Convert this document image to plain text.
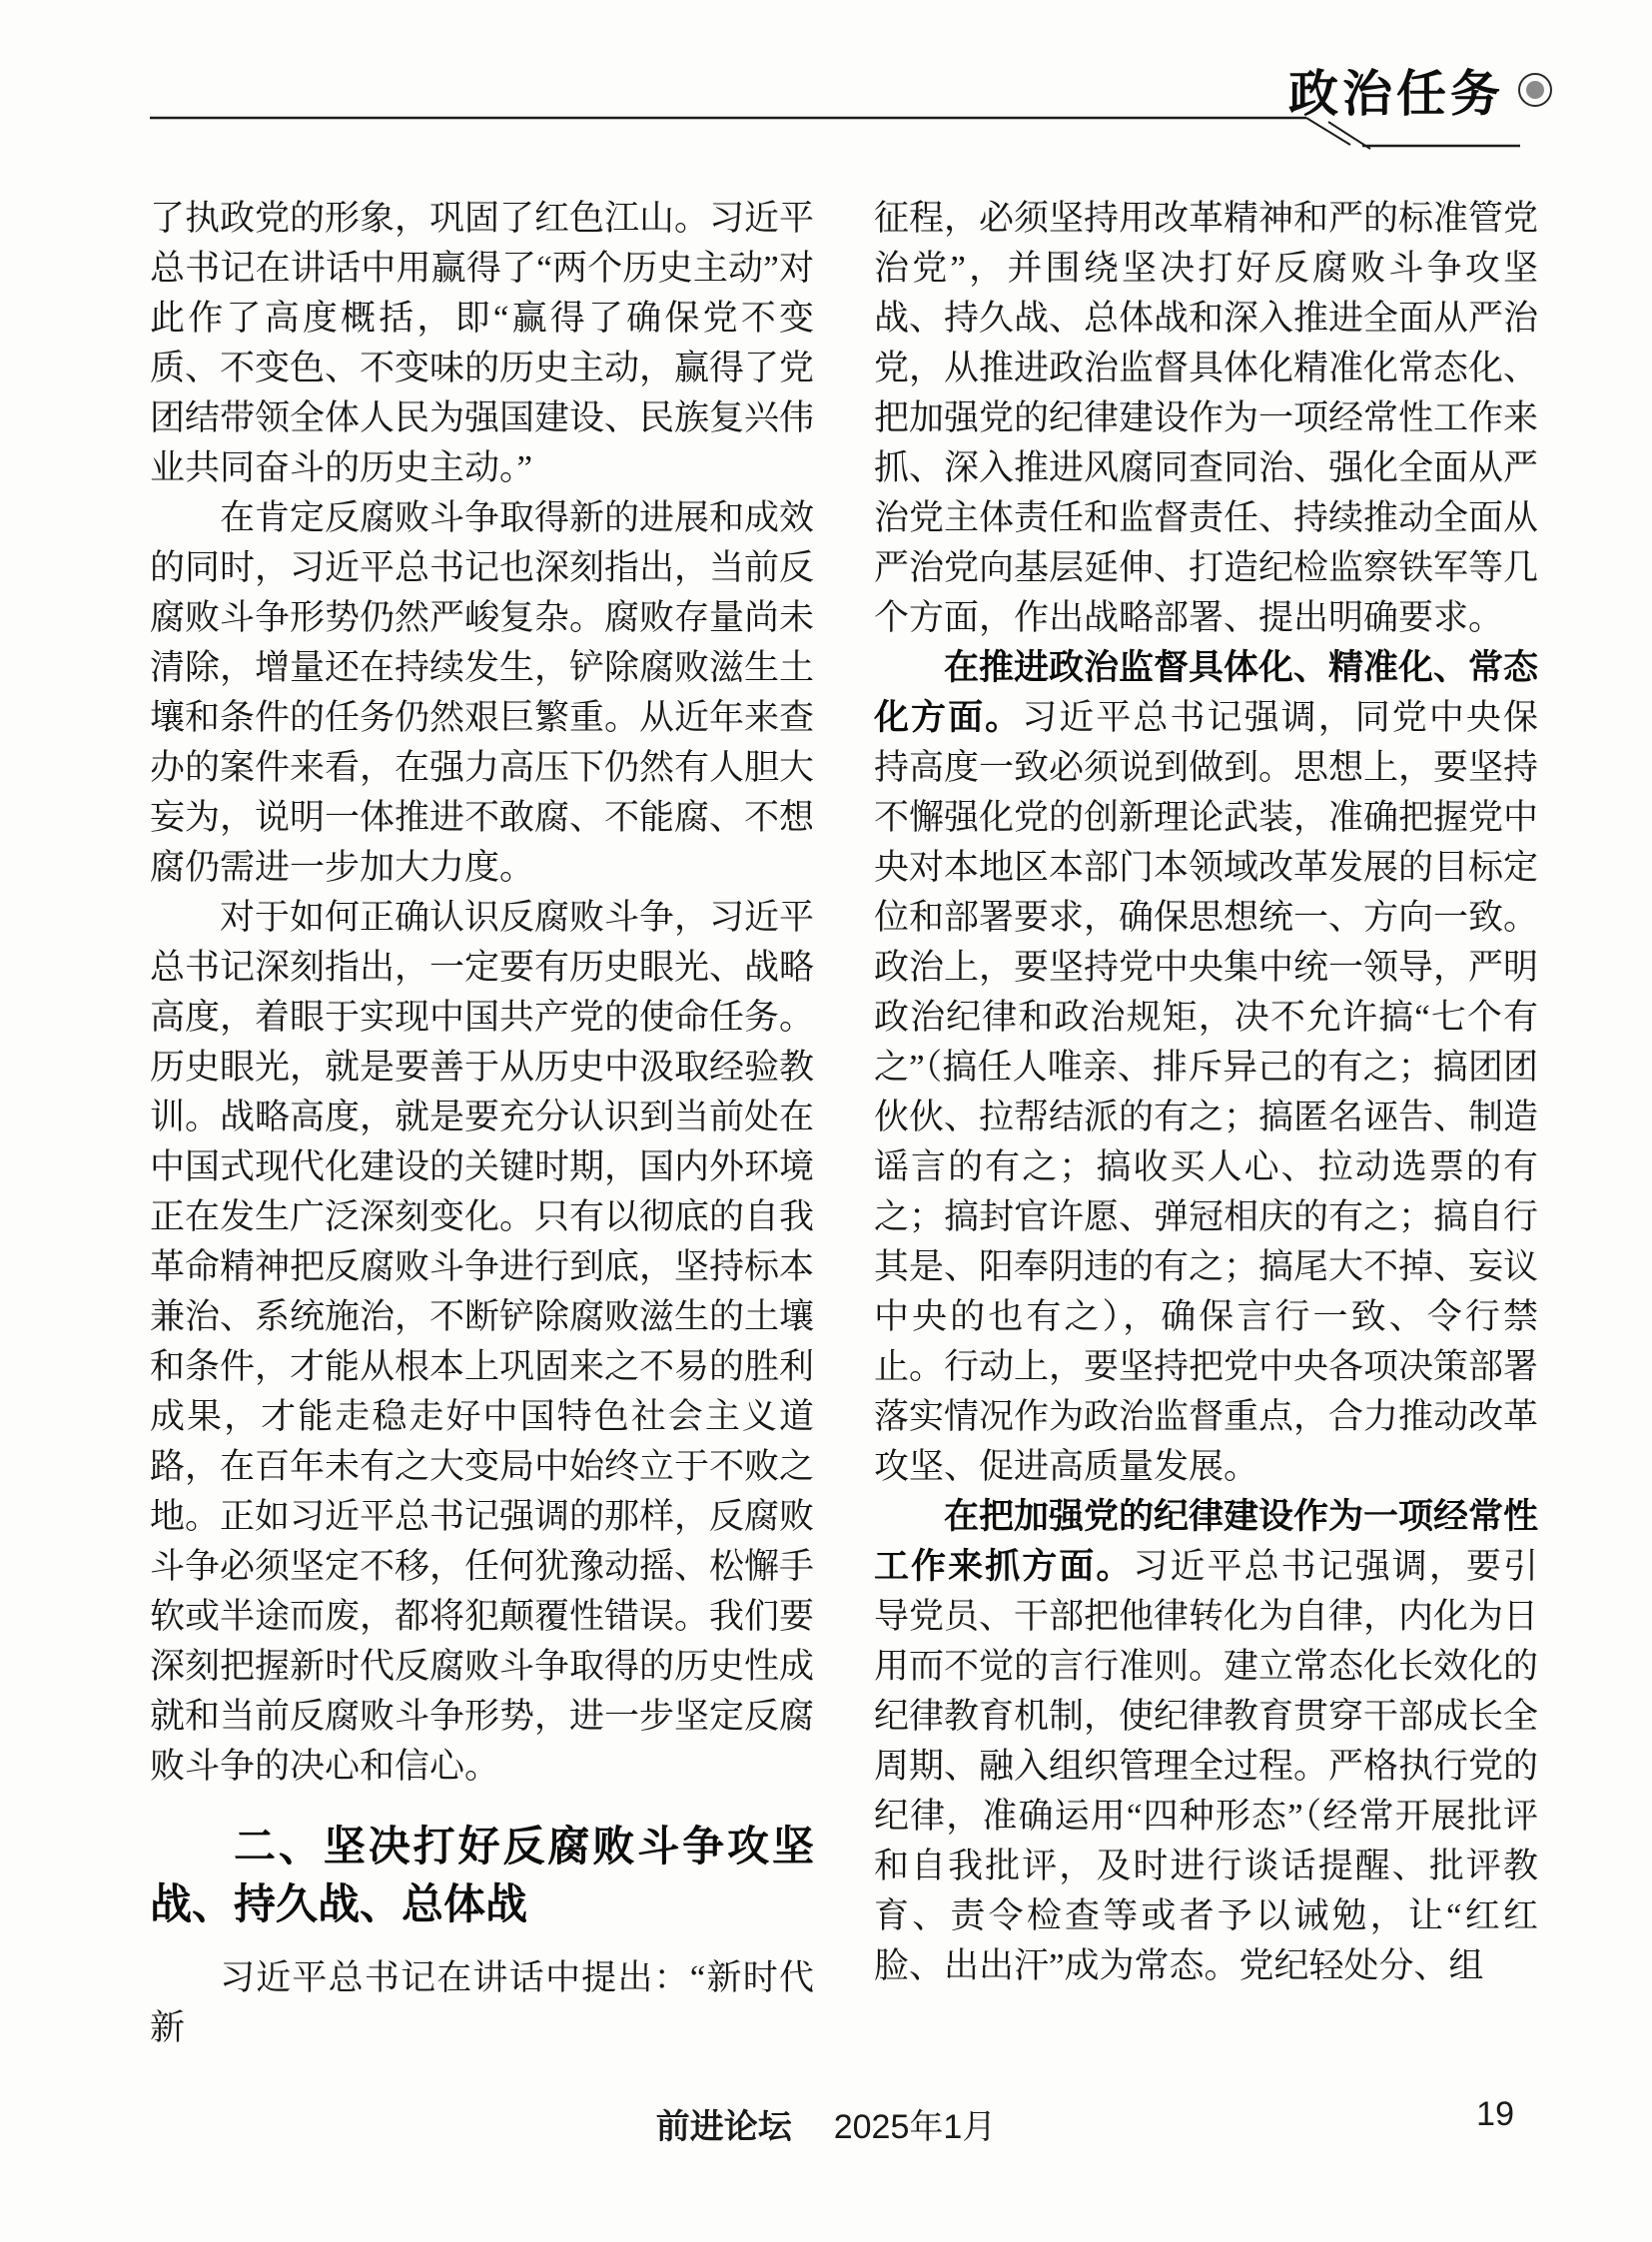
政治任务

了执政党的形象，巩固了红色江山。习近平总书记在讲话中用赢得了“两个历史主动”对此作了高度概括，即“赢得了确保党不变质、不变色、不变味的历史主动，赢得了党团结带领全体人民为强国建设、民族复兴伟业共同奋斗的历史主动。”

在肯定反腐败斗争取得新的进展和成效的同时，习近平总书记也深刻指出，当前反腐败斗争形势仍然严峻复杂。腐败存量尚未清除，增量还在持续发生，铲除腐败滋生土壤和条件的任务仍然艰巨繁重。从近年来查办的案件来看，在强力高压下仍然有人胆大妄为，说明一体推进不敢腐、不能腐、不想腐仍需进一步加大力度。

对于如何正确认识反腐败斗争，习近平总书记深刻指出，一定要有历史眼光、战略高度，着眼于实现中国共产党的使命任务。历史眼光，就是要善于从历史中汲取经验教训。战略高度，就是要充分认识到当前处在中国式现代化建设的关键时期，国内外环境正在发生广泛深刻变化。只有以彻底的自我革命精神把反腐败斗争进行到底，坚持标本兼治、系统施治，不断铲除腐败滋生的土壤和条件，才能从根本上巩固来之不易的胜利成果，才能走稳走好中国特色社会主义道路，在百年未有之大变局中始终立于不败之地。正如习近平总书记强调的那样，反腐败斗争必须坚定不移，任何犹豫动摇、松懈手软或半途而废，都将犯颠覆性错误。我们要深刻把握新时代反腐败斗争取得的历史性成就和当前反腐败斗争形势，进一步坚定反腐败斗争的决心和信心。

二、坚决打好反腐败斗争攻坚战、持久战、总体战

习近平总书记在讲话中提出：“新时代新

征程，必须坚持用改革精神和严的标准管党治党”，并围绕坚决打好反腐败斗争攻坚战、持久战、总体战和深入推进全面从严治党，从推进政治监督具体化精准化常态化、把加强党的纪律建设作为一项经常性工作来抓、深入推进风腐同查同治、强化全面从严治党主体责任和监督责任、持续推动全面从严治党向基层延伸、打造纪检监察铁军等几个方面，作出战略部署、提出明确要求。

在推进政治监督具体化、精准化、常态化方面。习近平总书记强调，同党中央保持高度一致必须说到做到。思想上，要坚持不懈强化党的创新理论武装，准确把握党中央对本地区本部门本领域改革发展的目标定位和部署要求，确保思想统一、方向一致。政治上，要坚持党中央集中统一领导，严明政治纪律和政治规矩，决不允许搞“七个有之”（搞任人唯亲、排斥异己的有之；搞团团伙伙、拉帮结派的有之；搞匿名诬告、制造谣言的有之；搞收买人心、拉动选票的有之；搞封官许愿、弹冠相庆的有之；搞自行其是、阳奉阴违的有之；搞尾大不掉、妄议中央的也有之），确保言行一致、令行禁止。行动上，要坚持把党中央各项决策部署落实情况作为政治监督重点，合力推动改革攻坚、促进高质量发展。

在把加强党的纪律建设作为一项经常性工作来抓方面。习近平总书记强调，要引导党员、干部把他律转化为自律，内化为日用而不觉的言行准则。建立常态化长效化的纪律教育机制，使纪律教育贯穿干部成长全周期、融入组织管理全过程。严格执行党的纪律，准确运用“四种形态”（经常开展批评和自我批评，及时进行谈话提醒、批评教育、责令检查等或者予以诫勉，让“红红脸、出出汗”成为常态。党纪轻处分、组

前进论坛 2025年1月	19
